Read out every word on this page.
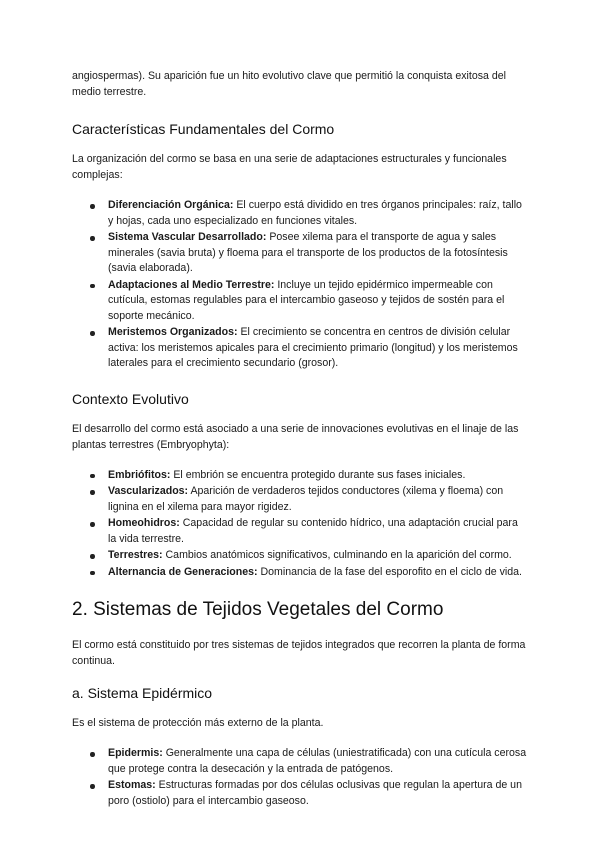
angiospermas). Su aparición fue un hito evolutivo clave que permitió la conquista exitosa del medio terrestre.

Características Fundamentales del Cormo

La organización del cormo se basa en una serie de adaptaciones estructurales y funcionales complejas:

Diferenciación Orgánica: El cuerpo está dividido en tres órganos principales: raíz, tallo y hojas, cada uno especializado en funciones vitales.
Sistema Vascular Desarrollado: Posee xilema para el transporte de agua y sales minerales (savia bruta) y floema para el transporte de los productos de la fotosíntesis (savia elaborada).
Adaptaciones al Medio Terrestre: Incluye un tejido epidérmico impermeable con cutícula, estomas regulables para el intercambio gaseoso y tejidos de sostén para el soporte mecánico.
Meristemos Organizados: El crecimiento se concentra en centros de división celular activa: los meristemos apicales para el crecimiento primario (longitud) y los meristemos laterales para el crecimiento secundario (grosor).
Contexto Evolutivo

El desarrollo del cormo está asociado a una serie de innovaciones evolutivas en el linaje de las plantas terrestres (Embryophyta):

Embriófitos: El embrión se encuentra protegido durante sus fases iniciales.
Vascularizados: Aparición de verdaderos tejidos conductores (xilema y floema) con lignina en el xilema para mayor rigidez.
Homeohidros: Capacidad de regular su contenido hídrico, una adaptación crucial para la vida terrestre.
Terrestres: Cambios anatómicos significativos, culminando en la aparición del cormo.
Alternancia de Generaciones: Dominancia de la fase del esporofito en el ciclo de vida.
2. Sistemas de Tejidos Vegetales del Cormo

El cormo está constituido por tres sistemas de tejidos integrados que recorren la planta de forma continua.

a. Sistema Epidérmico

Es el sistema de protección más externo de la planta.

Epidermis: Generalmente una capa de células (uniestratificada) con una cutícula cerosa que protege contra la desecación y la entrada de patógenos.
Estomas: Estructuras formadas por dos células oclusivas que regulan la apertura de un poro (ostiolo) para el intercambio gaseoso.
